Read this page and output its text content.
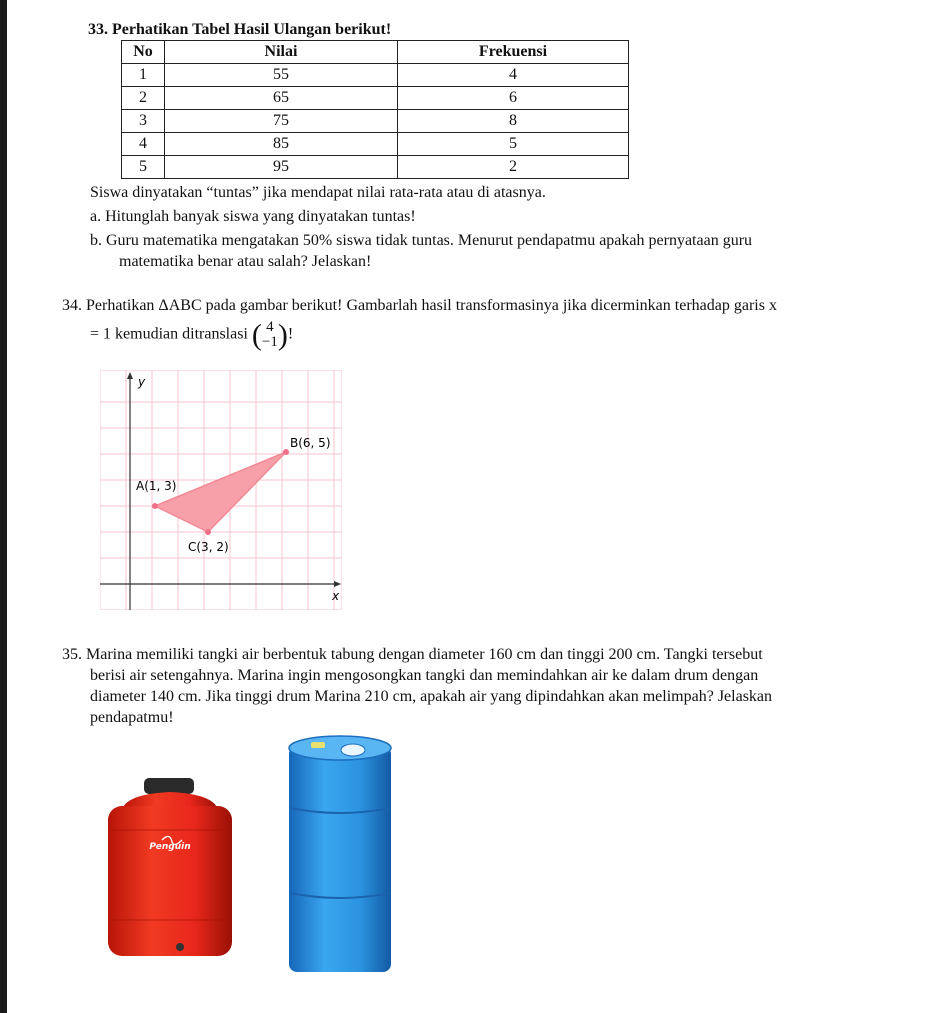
33. Perhatikan Tabel Hasil Ulangan berikut!
No	Nilai	Frekuensi
1	55	4
2	65	6
3	75	8
4	85	5
5	95	2
Siswa dinyatakan “tuntas” jika mendapat nilai rata-rata atau di atasnya.
a. Hitunglah banyak siswa yang dinyatakan tuntas!
b. Guru matematika mengatakan 50% siswa tidak tuntas. Menurut pendapatmu apakah pernyataan guru
matematika benar atau salah? Jelaskan!
34. Perhatikan ΔABC pada gambar berikut! Gambarlah hasil transformasinya jika dicerminkan terhadap garis x
= 1 kemudian ditranslasi ( 4
−1 )!
y
x
A(1, 3)
B(6, 5)
C(3, 2)
35. Marina memiliki tangki air berbentuk tabung dengan diameter 160 cm dan tinggi 200 cm. Tangki tersebut
berisi air setengahnya. Marina ingin mengosongkan tangki dan memindahkan air ke dalam drum dengan
diameter 140 cm. Jika tinggi drum Marina 210 cm, apakah air yang dipindahkan akan melimpah? Jelaskan
pendapatmu!
Penguin
